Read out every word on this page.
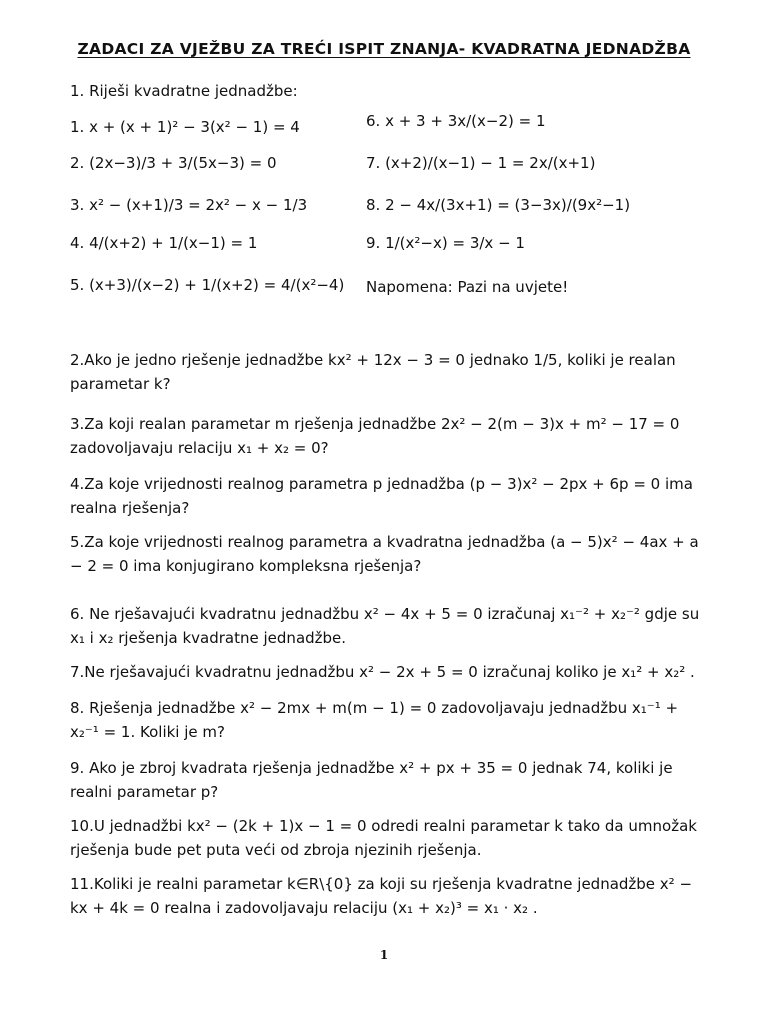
ZADACI ZA VJEŽBU ZA TREĆI ISPIT ZNANJA- KVADRATNA JEDNADŽBA
1. Riješi kvadratne jednadžbe:
1. x + (x + 1)² − 3(x² − 1) = 4
2. (2x−3)/3 + 3/(5x−3) = 0
3. x² − (x+1)/3 = 2x² − x − 1/3
4. 4/(x+2) + 1/(x−1) = 1
5. (x+3)/(x−2) + 1/(x+2) = 4/(x²−4)
6. x + 3 + 3x/(x−2) = 1
7. (x+2)/(x−1) − 1 = 2x/(x+1)
8. 2 − 4x/(3x+1) = (3−3x)/(9x²−1)
9. 1/(x²−x) = 3/x − 1
Napomena: Pazi na uvjete!
2.Ako je jedno rješenje jednadžbe kx² + 12x − 3 = 0 jednako 1/5, koliki je realan parametar k?
3.Za koji realan parametar m rješenja jednadžbe 2x² − 2(m − 3)x + m² − 17 = 0 zadovoljavaju relaciju x₁ + x₂ = 0?
4.Za koje vrijednosti realnog parametra p jednadžba (p − 3)x² − 2px + 6p = 0 ima realna rješenja?
5.Za koje vrijednosti realnog parametra a kvadratna jednadžba (a − 5)x² − 4ax + a − 2 = 0 ima konjugirano kompleksna rješenja?
6. Ne rješavajući kvadratnu jednadžbu x² − 4x + 5 = 0 izračunaj x₁⁻² + x₂⁻² gdje su x₁ i x₂ rješenja kvadratne jednadžbe.
7.Ne rješavajući kvadratnu jednadžbu x² − 2x + 5 = 0 izračunaj koliko je x₁² + x₂² .
8. Rješenja jednadžbe x² − 2mx + m(m − 1) = 0 zadovoljavaju jednadžbu x₁⁻¹ + x₂⁻¹ = 1. Koliki je m?
9. Ako je zbroj kvadrata rješenja jednadžbe x² + px + 35 = 0 jednak 74, koliki je realni parametar p?
10.U jednadžbi kx² − (2k + 1)x − 1 = 0 odredi realni parametar k tako da umnožak rješenja bude pet puta veći od zbroja njezinih rješenja.
11.Koliki je realni parametar k∈R\{0} za koji su rješenja kvadratne jednadžbe x² − kx + 4k = 0 realna i zadovoljavaju relaciju (x₁ + x₂)³ = x₁ · x₂ .
1
